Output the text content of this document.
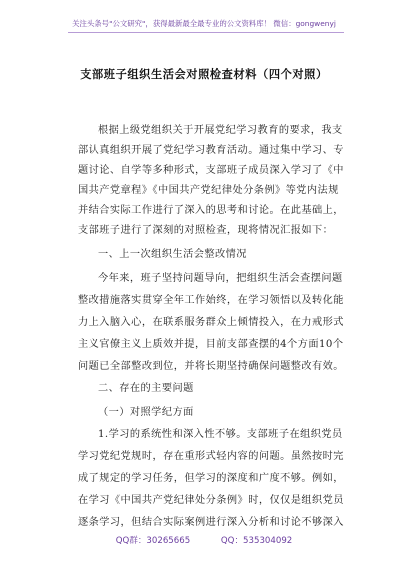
关注头条号"公文研究"，获得最新最全最专业的公文资料库！ 微信：gongwenyj
支部班子组织生活会对照检查材料（四个对照）
根据上级党组织关于开展党纪学习教育的要求，我支
部认真组织开展了党纪学习教育活动。通过集中学习、专
题讨论、自学等多种形式，支部班子成员深入学习了《中
国共产党章程》《中国共产党纪律处分条例》等党内法规
并结合实际工作进行了深入的思考和讨论。在此基础上，
支部班子进行了深刻的对照检查，现将情况汇报如下：
一、上一次组织生活会整改情况
今年来，班子坚持问题导向，把组织生活会查摆问题
整改措施落实贯穿全年工作始终，在学习领悟以及转化能
力上入脑入心，在联系服务群众上倾情投入，在力戒形式
主义官僚主义上质效并提，目前支部查摆的4个方面10个
问题已全部整改到位，并将长期坚持确保问题整改有效。
二、存在的主要问题
（一）对照学纪方面
1.学习的系统性和深入性不够。支部班子在组织党员
学习党纪党规时，存在重形式轻内容的问题。虽然按时完
成了规定的学习任务，但学习的深度和广度不够。例如，
在学习《中国共产党纪律处分条例》时，仅仅是组织党员
逐条学习，但结合实际案例进行深入分析和讨论不够深入
QQ群：30265665	QQ：535304092
